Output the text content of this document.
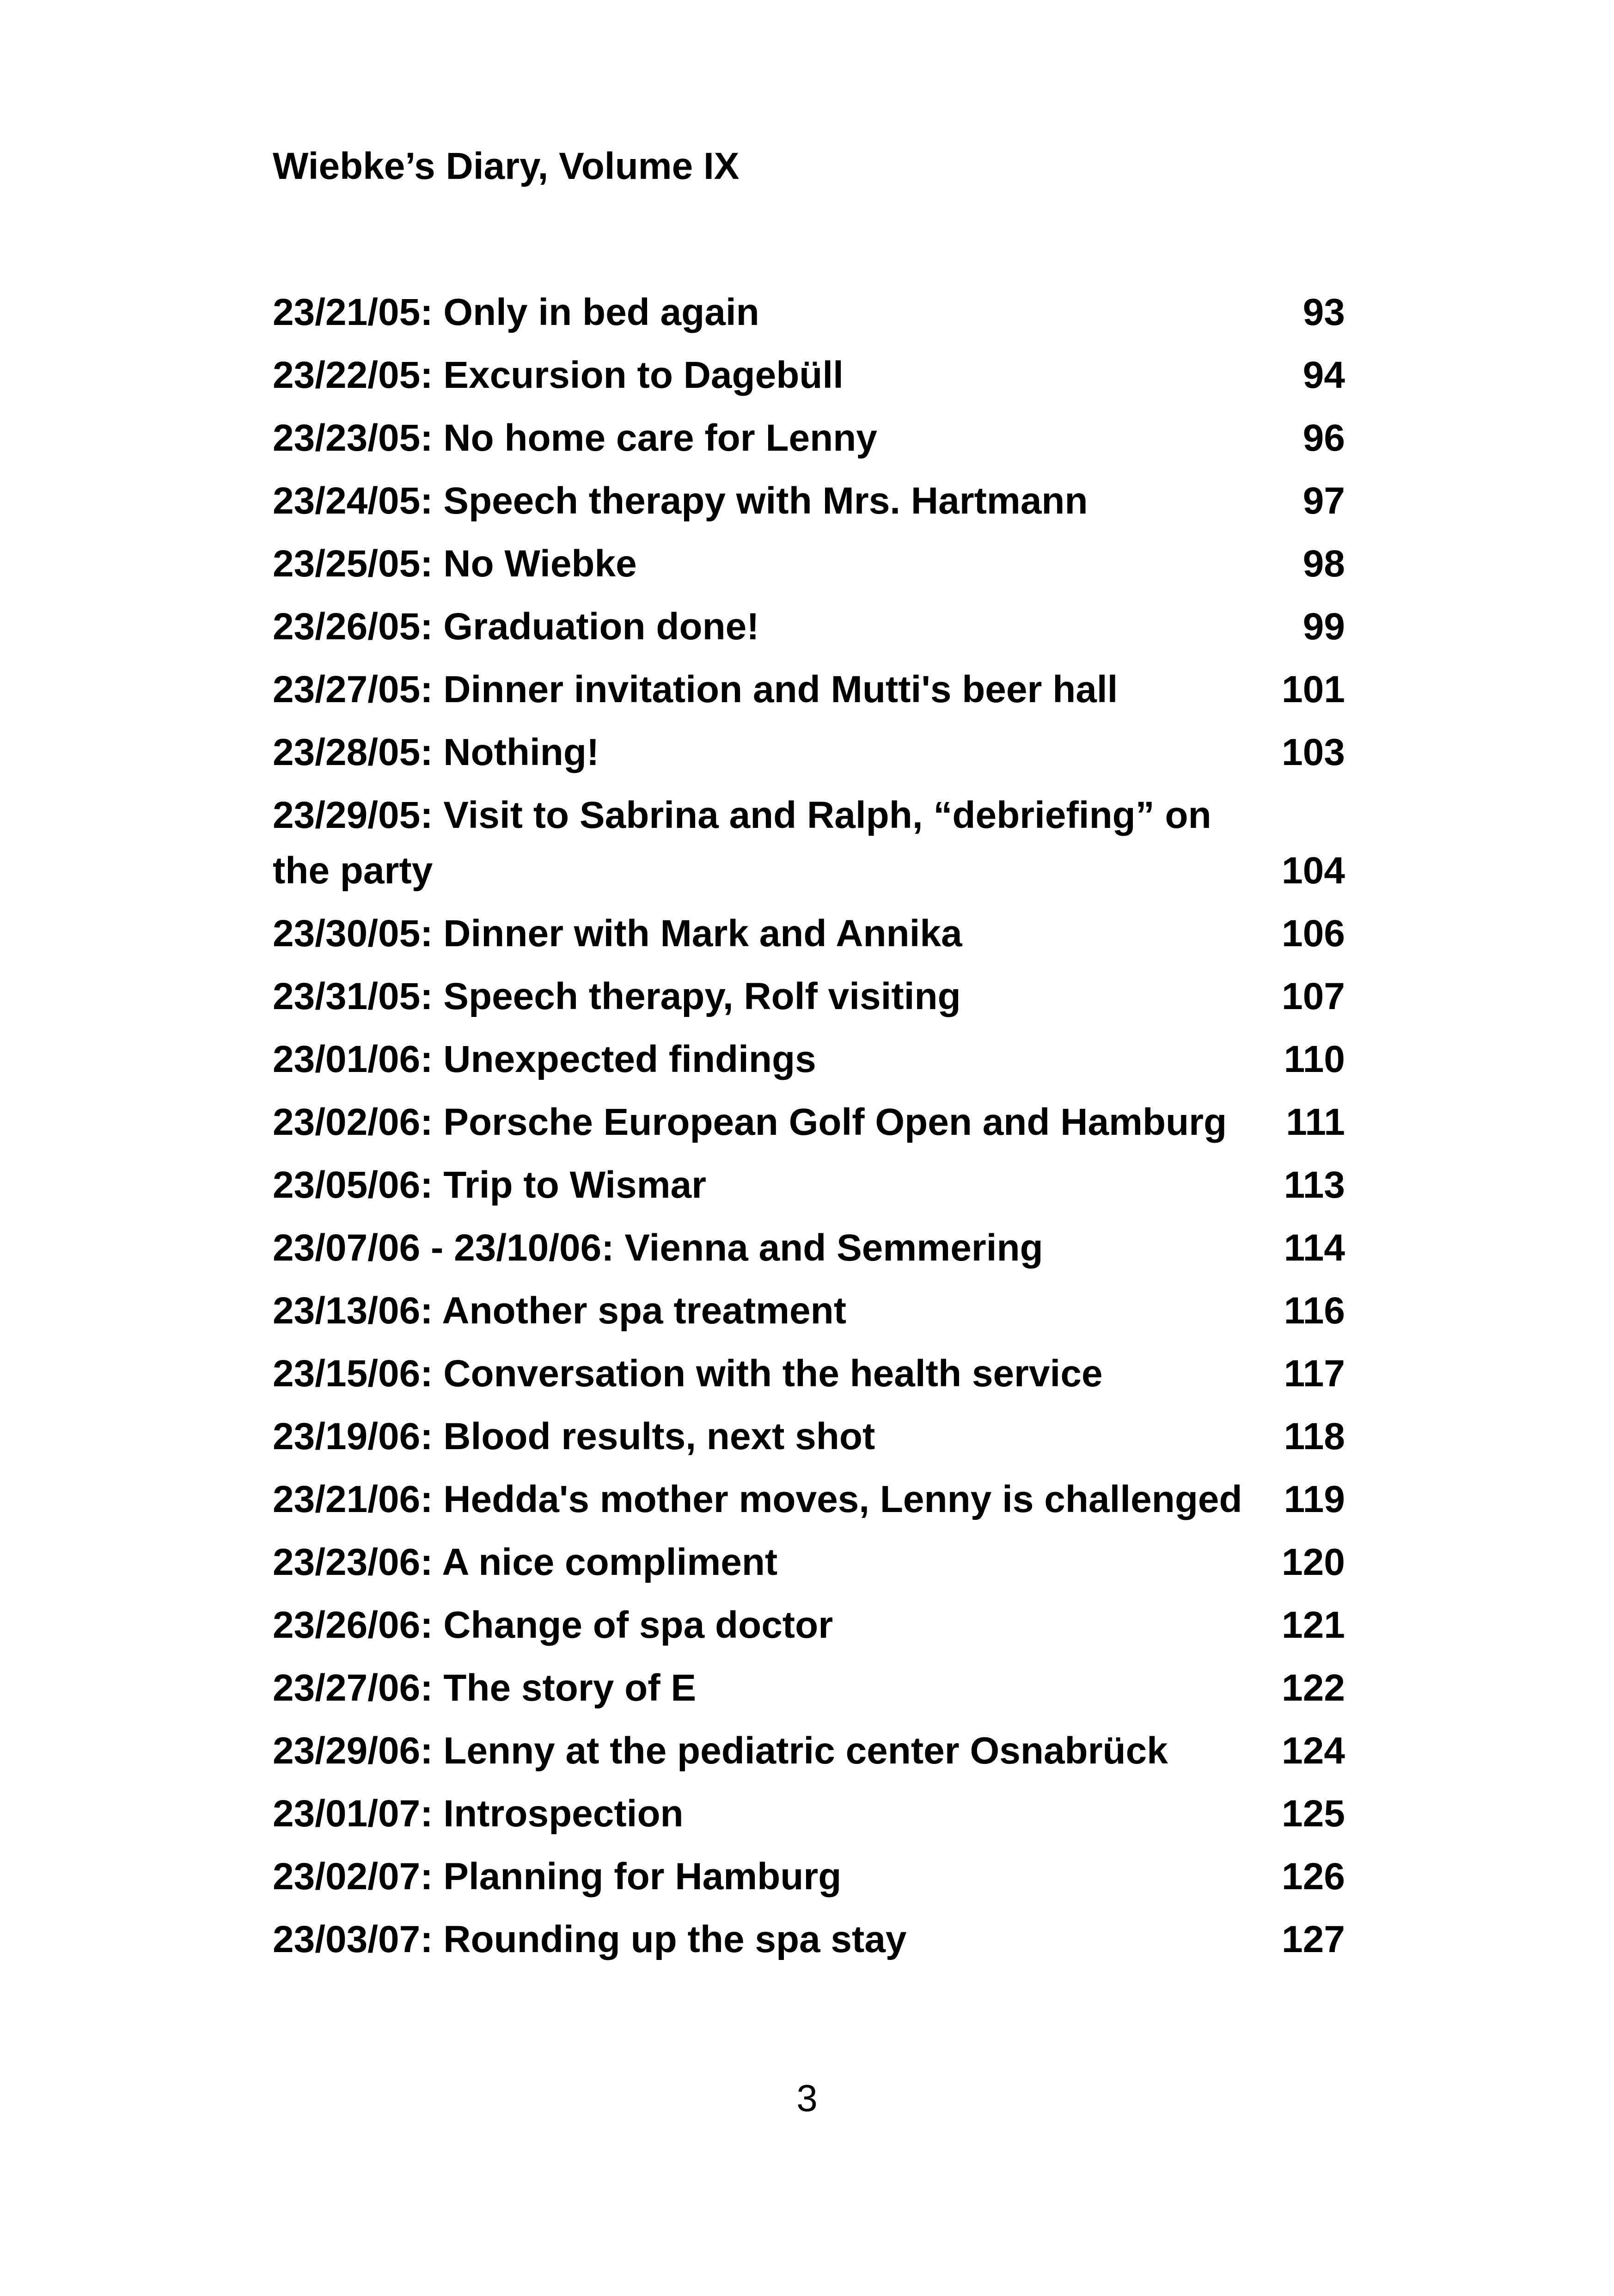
Wiebke’s Diary, Volume IX
23/21/05: Only in bed again	93
23/22/05: Excursion to Dagebüll	94
23/23/05: No home care for Lenny	96
23/24/05: Speech therapy with Mrs. Hartmann	97
23/25/05: No Wiebke	98
23/26/05: Graduation done!	99
23/27/05: Dinner invitation and Mutti's beer hall	101
23/28/05: Nothing!	103
23/29/05: Visit to Sabrina and Ralph, “debriefing” on the party	104
23/30/05: Dinner with Mark and Annika	106
23/31/05: Speech therapy, Rolf visiting	107
23/01/06: Unexpected findings	110
23/02/06: Porsche European Golf Open and Hamburg	111
23/05/06: Trip to Wismar	113
23/07/06 - 23/10/06: Vienna and Semmering	114
23/13/06: Another spa treatment	116
23/15/06: Conversation with the health service	117
23/19/06: Blood results, next shot	118
23/21/06: Hedda's mother moves, Lenny is challenged	119
23/23/06: A nice compliment	120
23/26/06: Change of spa doctor	121
23/27/06: The story of E	122
23/29/06: Lenny at the pediatric center Osnabrück	124
23/01/07: Introspection	125
23/02/07: Planning for Hamburg	126
23/03/07: Rounding up the spa stay	127
3
